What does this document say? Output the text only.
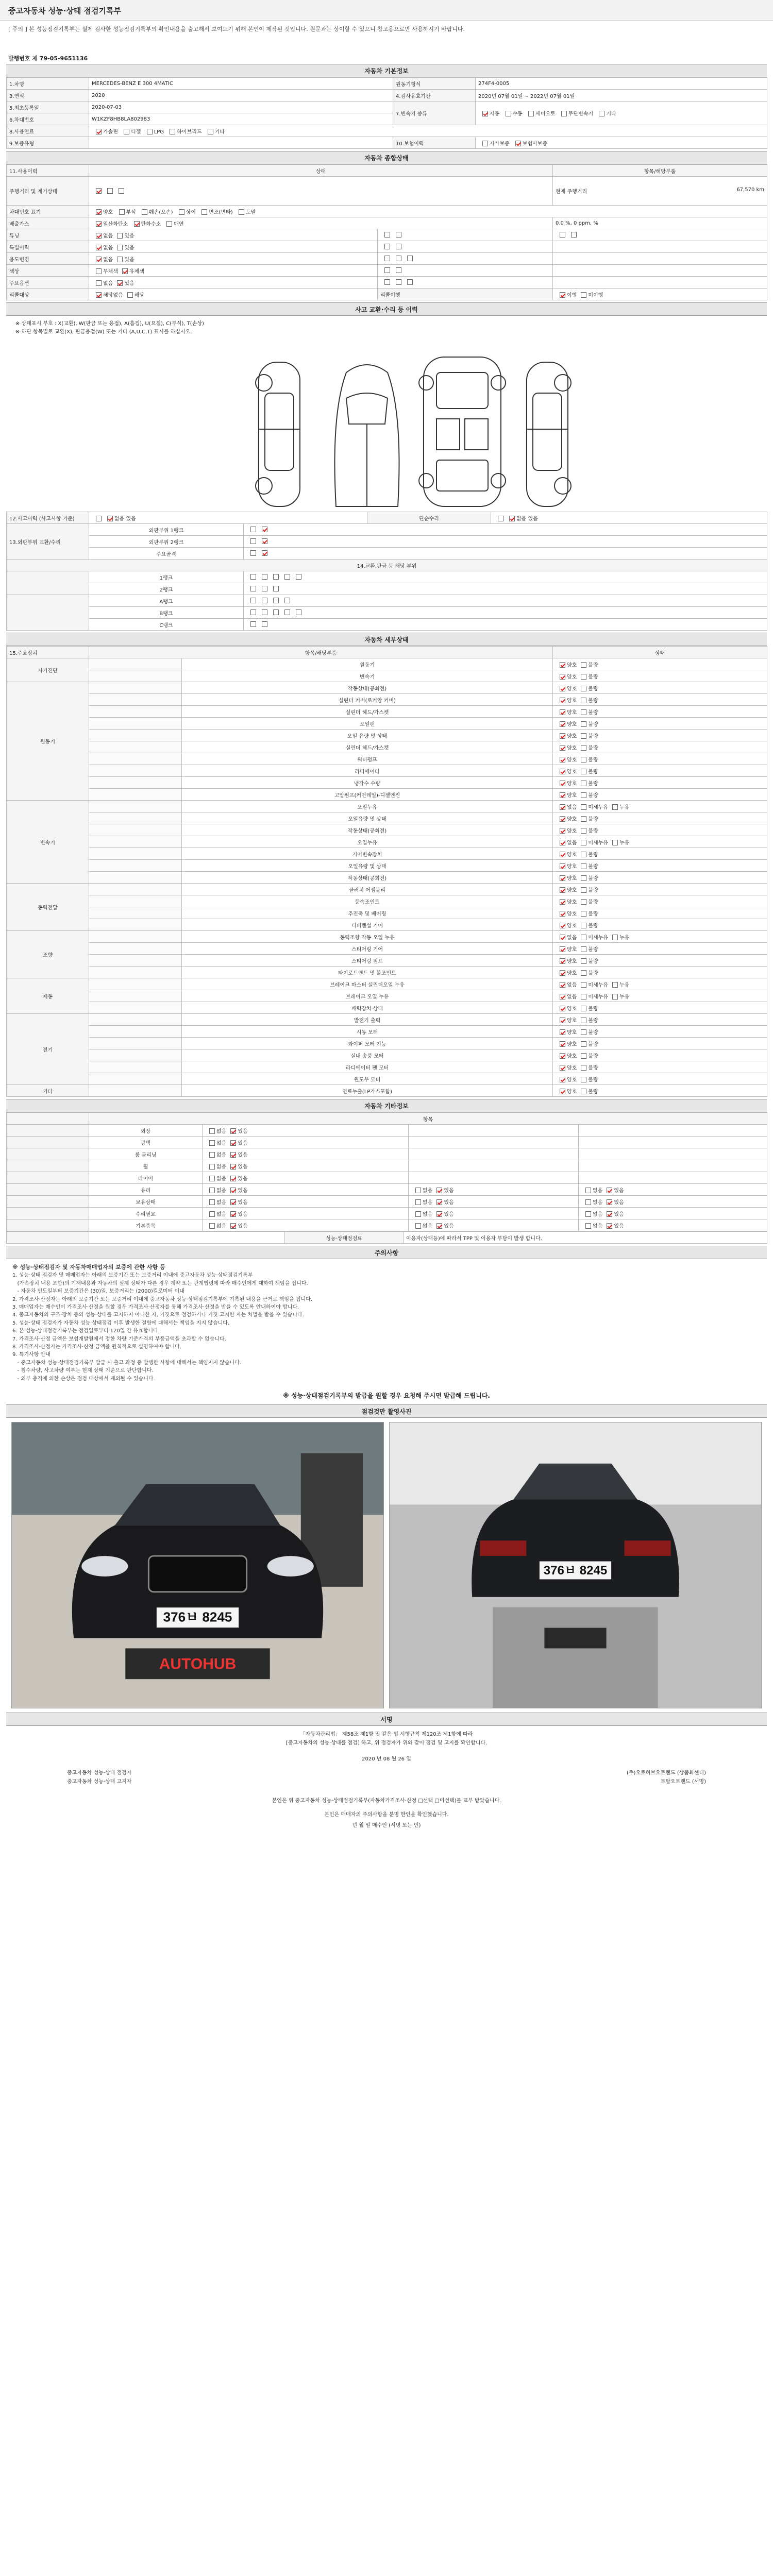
중고자동차 성능·상태 점검기록부
[ 주의 ] 본 성능점검기록부는 실제 검사한 성능점검기록부의 확인내용을 출고해서 보여드기 위해 본인이 제작된 것입니다. 원문과는 상이할 수 있으니 참고용으로만 사용하시기 바랍니다.
발행번호 제 79-05-9651136
자동차 기본정보
1.차명	MERCEDES-BENZ E 300 4MATIC	원동기형식	274F4-0005
3.연식	2020	4.검사유효기간	2020년 07월 01일 ~ 2022년 07월 01일
5.최초등록일	2020-07-03	7.변속기 종류	자동 수동 세미오토 무단변속기 기타
6.차대번호	W1KZF8HB8LA802983		
8.사용연료	가솔린 디젤 LPG 하이브리드 기타		
9.보증유형		10.보험이력	자가보증 보험사보증
자동차 종합상태
11.사용이력	상태		항목/해당부품
주행거리 및 계기상태			현재 주행거리 67,570 km

차대번호 표기	양호 부식 훼손(오손) 상이 변조(변타) 도말		
배출가스	일산화탄소 탄화수소 매연		0.0 %, 0 ppm, %
튜닝	없음 있음		
특별이력	없음 있음		
용도변경	없음 있음		
색상	무채색 유채색		
주요옵션	없음 있음		
리콜대상	해당없음 해당	리콜이행	이행 미이행
사고 교환·수리 등 이력
※ 상태표시 부호 : X(교환), W(판금 또는 용접), A(흠집), U(요철), C(부식), T(손상)
※ 하단 항목별로 교환(X), 판금용접(W) 또는 기타 (A,U,C,T) 표시를 하십시오.
12.사고이력 (사고사항 기준)	없음 있음		단순수리	없음 있음
13.외판부위 교환/수리	외판부위 1랭크			
	외판부위 2랭크			
	주요골격			
14.교환,판금 등 해당 부위				
	1랭크			
	2랭크			
	A랭크			
	B랭크			
	C랭크			
자동차 세부상태
15.주요장치	항목/해당부품		상태
자기진단		원동기	양호 불량
		변속기	양호 불량
원동기		작동상태(공회전)	양호 불량
		실린더 커버(로커암 커버)	양호 불량
		실린더 헤드/가스켓	양호 불량
		오일팬	양호 불량
		오일 유량 및 상태	양호 불량
		실린더 헤드/가스켓	양호 불량
		워터펌프	양호 불량
		라디에이터	양호 불량
		냉각수 수량	양호 불량
		고압펌프(커먼레일)-디젤엔진	양호 불량
변속기		오일누유	없음 미세누유 누유
		오일유량 및 상태	양호 불량
		작동상태(공회전)	양호 불량
		오일누유	없음 미세누유 누유
		기어변속장치	양호 불량
		오일유량 및 상태	양호 불량
		작동상태(공회전)	양호 불량
동력전달		클러치 어셈블리	양호 불량
		등속조인트	양호 불량
		추진축 및 베어링	양호 불량
		디퍼렌셜 기어	양호 불량
조향		동력조향 작동 오일 누유	없음 미세누유 누유
		스티어링 기어	양호 불량
		스티어링 펌프	양호 불량
		타이로드엔드 및 볼조인트	양호 불량
제동		브레이크 마스터 실린더오일 누유	없음 미세누유 누유
		브레이크 오일 누유	없음 미세누유 누유
		배력장치 상태	양호 불량
전기		발전기 출력	양호 불량
		시동 모터	양호 불량
		와이퍼 모터 기능	양호 불량
		실내 송풍 모터	양호 불량
		라디에이터 팬 모터	양호 불량
		윈도우 모터	양호 불량
기타		연료누출(LP가스포함)	양호 불량
자동차 기타정보
	항목			
	외장	없음 있음		
	광택	없음 있음		
	룸 클리닝	없음 있음		
	휠	없음 있음		
	타이어	없음 있음		
	유리	없음 있음	없음 있음	없음 있음
	보유상태	없음 있음	없음 있음	없음 있음
	수리필요	없음 있음	없음 있음	없음 있음
	기본품목	없음 있음	없음 있음	없음 있음
		성능·상태점검료	이용자(상태등)에 따라서 TPP 및 이용자 부담이 발생 합니다.
주의사항
※ 성능·상태점검자 및 자동차매매업자의 보증에 관한 사항 등
1. 성능·상태 점검자 및 매매업자는 아래의 보증기간 또는 보증거리 이내에 중고자동차 성능·상태점검기록부
(가속장치 내용 포함)의 기재내용과 자동차의 실제 상태가 다른 경우 계약 또는 관계법령에 따라 매수인에게 대하여 책임을 집니다.
- 자동차 인도일부터 보증기간은 (30)일, 보증거리는 (2000)킬로미터 이내
2. 가격조사·산정자는 아래의 보증기간 또는 보증거리 이내에 중고자동차 성능·상태점검기록부에 기록된 내용을 근거로 책임을 집니다.
3. 매매업자는 매수인이 가격조사·산정을 원할 경우 가격조사·산정자를 통해 가격조사·산정을 받을 수 있도록 안내하여야 합니다.
4. 중고자동차의 구조·장치 등의 성능·상태를 고지하지 아니한 자, 거짓으로 점검하거나 거짓 고지한 자는 처벌을 받을 수 있습니다.
5. 성능·상태 점검자가 자동차 성능·상태점검 이후 발생한 결함에 대해서는 책임을 지지 않습니다.
6. 본 성능·상태점검기록부는 점검일로부터 120일 간 유효합니다.
7. 가격조사·산정 금액은 보험개발원에서 정한 차량 기준가격의 부품금액을 초과할 수 없습니다.
8. 가격조사·산정자는 가격조사·산정 금액을 원칙적으로 설명하여야 합니다.
9. 특기사항 안내
- 중고자동차 성능·상태점검기록부 발급 시 출고 과정 중 발생한 사항에 대해서는 책임지지 않습니다.
- 침수차량, 사고차량 여부는 현재 상태 기준으로 판단합니다.
- 외부 충격에 의한 손상은 점검 대상에서 제외될 수 있습니다.
※ 성능·상태점검기록부의 발급을 원할 경우 요청해 주시면 발급해 드립니다.
점검것만 촬영사진
376ㅂ 8245
AUTOHUB
376ㅂ 8245
서명
「자동차관리법」 제58조 제1항 및 같은 법 시행규칙 제120조 제1항에 따라
[중고자동차의 성능·상태를 점검] 하고, 위 점검자가 위와 같이 점검 및 고지를 확인합니다.
2020 년 08 월 26 일
중고자동차 성능·상태 점검자	(주)오토허브오토랜드 (상품화센터)
중고자동차 성능·상태 고지자	토탈오토랜드 (서명)
본인은 위 중고자동차 성능·상태점검기록부(자동차가격조사·산정 □선택 □미선택)를 교부 받았습니다.
본인은 매매자의 주의사항을 분명 한인을 확인했습니다.
년 월 일 매수인 (서명 또는 인)
